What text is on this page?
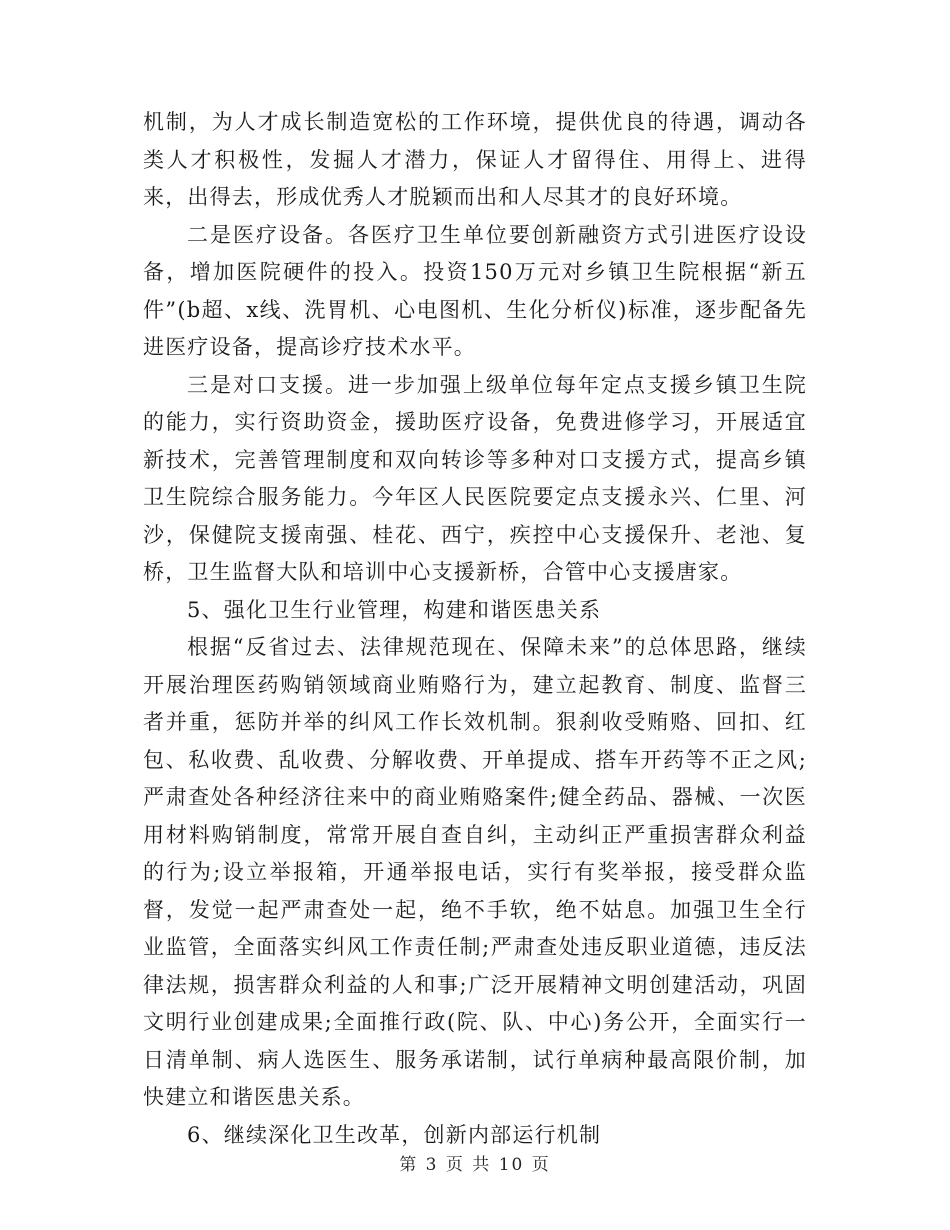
机制，为人才成长制造宽松的工作环境，提供优良的待遇，调动各类人才积极性，发掘人才潜力，保证人才留得住、用得上、进得来，出得去，形成优秀人才脱颖而出和人尽其才的良好环境。

二是医疗设备。各医疗卫生单位要创新融资方式引进医疗设设备，增加医院硬件的投入。投资150万元对乡镇卫生院根据“新五件”(b超、x线、洗胃机、心电图机、生化分析仪)标准，逐步配备先进医疗设备，提高诊疗技术水平。

三是对口支援。进一步加强上级单位每年定点支援乡镇卫生院的能力，实行资助资金，援助医疗设备，免费进修学习，开展适宜新技术，完善管理制度和双向转诊等多种对口支援方式，提高乡镇卫生院综合服务能力。今年区人民医院要定点支援永兴、仁里、河沙，保健院支援南强、桂花、西宁，疾控中心支援保升、老池、复桥，卫生监督大队和培训中心支援新桥，合管中心支援唐家。

5、强化卫生行业管理，构建和谐医患关系

根据“反省过去、法律规范现在、保障未来”的总体思路，继续开展治理医药购销领域商业贿赂行为，建立起教育、制度、监督三者并重，惩防并举的纠风工作长效机制。狠刹收受贿赂、回扣、红包、私收费、乱收费、分解收费、开单提成、搭车开药等不正之风;严肃查处各种经济往来中的商业贿赂案件;健全药品、器械、一次医用材料购销制度，常常开展自查自纠，主动纠正严重损害群众利益的行为;设立举报箱，开通举报电话，实行有奖举报，接受群众监督，发觉一起严肃查处一起，绝不手软，绝不姑息。加强卫生全行业监管，全面落实纠风工作责任制;严肃查处违反职业道德，违反法律法规，损害群众利益的人和事;广泛开展精神文明创建活动，巩固文明行业创建成果;全面推行政(院、队、中心)务公开，全面实行一日清单制、病人选医生、服务承诺制，试行单病种最高限价制，加快建立和谐医患关系。

6、继续深化卫生改革，创新内部运行机制

第 3 页 共 10 页
